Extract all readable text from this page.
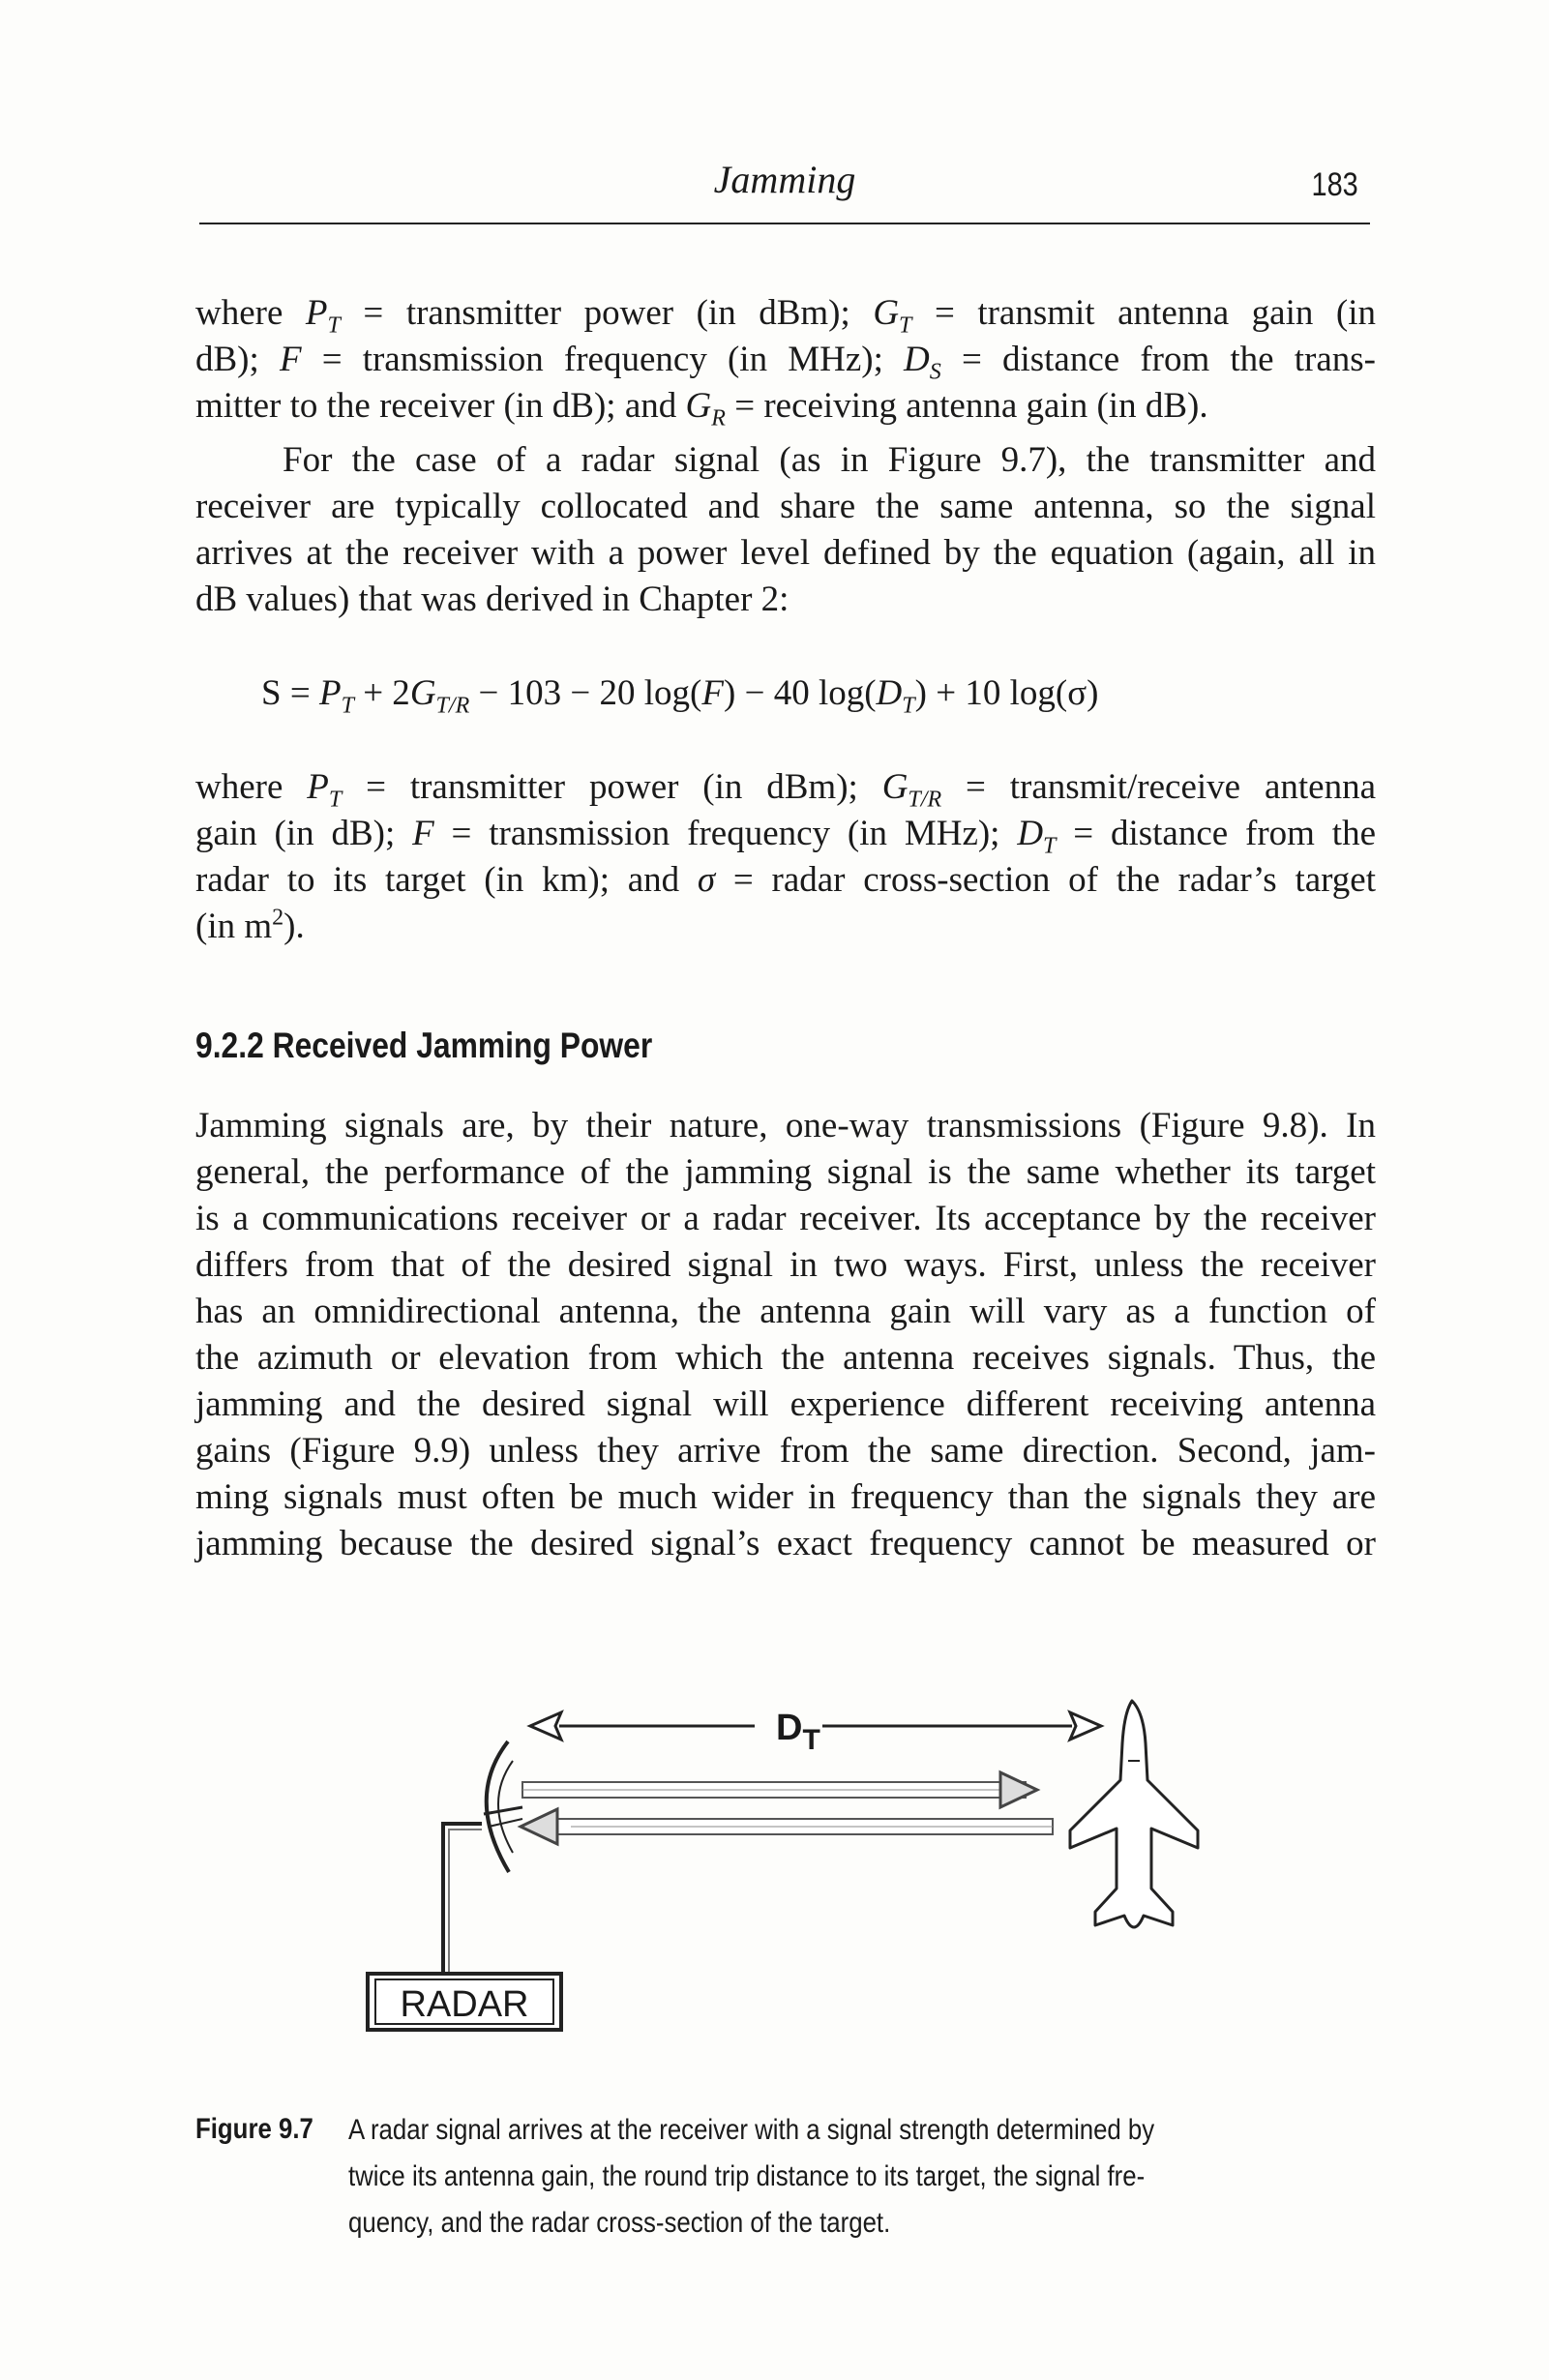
Jamming	183
where $P_T$ = transmitter power (in dBm); $G_T$ = transmit antenna gain (in
dB); F = transmission frequency (in MHz); $D_S$ = distance from the trans-
mitter to the receiver (in dB); and $G_R$ = receiving antenna gain (in dB).
For the case of a radar signal (as in Figure 9.7), the transmitter and
receiver are typically collocated and share the same antenna, so the signal
arrives at the receiver with a power level defined by the equation (again, all in
dB values) that was derived in Chapter 2:
$S = P_T + 2G_{T/R} - 103 - 20$ log(F) − 40 $\log(D_T) + 10$ log(σ)
where $P_T$ = transmitter power (in dBm); $G_{T/R}$ = transmit/receive antenna
gain (in dB); F = transmission frequency (in MHz); $D_T$ = distance from the
radar to its target (in km); and σ = radar cross-section of the radar’s target
(in $m^2$).
9.2.2 Received Jamming Power
Jamming signals are, by their nature, one-way transmissions (Figure 9.8). In
general, the performance of the jamming signal is the same whether its target
is a communications receiver or a radar receiver. Its acceptance by the receiver
differs from that of the desired signal in two ways. First, unless the receiver
has an omnidirectional antenna, the antenna gain will vary as a function of
the azimuth or elevation from which the antenna receives signals. Thus, the
jamming and the desired signal will experience different receiving antenna
gains (Figure 9.9) unless they arrive from the same direction. Second, jam-
ming signals must often be much wider in frequency than the signals they are
jamming because the desired signal’s exact frequency cannot be measured or
$D_T$
RADAR
Figure 9.7 A radar signal arrives at the receiver with a signal strength determined by
twice its antenna gain, the round trip distance to its target, the signal fre-
quency, and the radar cross-section of the target.
